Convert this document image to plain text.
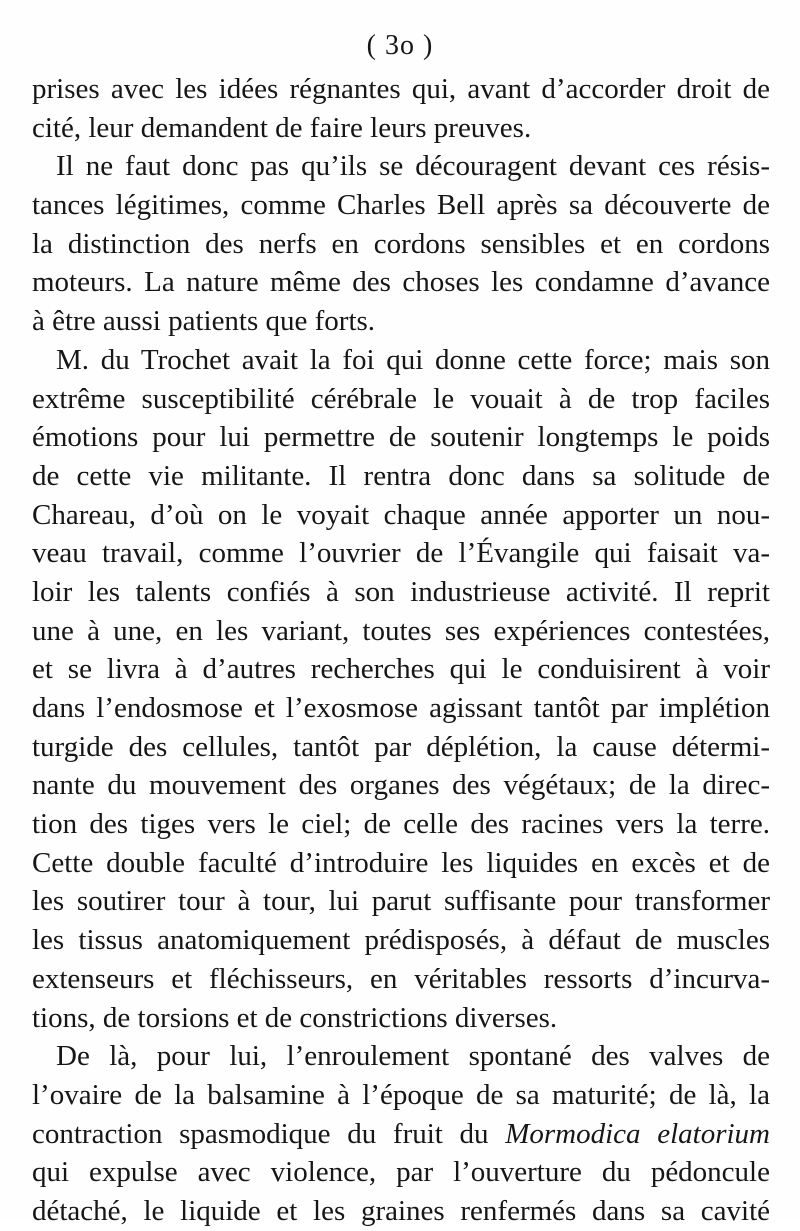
( 3o )
prises avec les idées régnantes qui, avant d’accorder droit de
cité, leur demandent de faire leurs preuves.
Il ne faut donc pas qu’ils se découragent devant ces résis-
tances légitimes, comme Charles Bell après sa découverte de
la distinction des nerfs en cordons sensibles et en cordons
moteurs. La nature même des choses les condamne d’avance
à être aussi patients que forts.
M. du Trochet avait la foi qui donne cette force; mais son
extrême susceptibilité cérébrale le vouait à de trop faciles
émotions pour lui permettre de soutenir longtemps le poids
de cette vie militante. Il rentra donc dans sa solitude de
Chareau, d’où on le voyait chaque année apporter un nou-
veau travail, comme l’ouvrier de l’Évangile qui faisait va-
loir les talents confiés à son industrieuse activité. Il reprit
une à une, en les variant, toutes ses expériences contestées,
et se livra à d’autres recherches qui le conduisirent à voir
dans l’endosmose et l’exosmose agissant tantôt par implétion
turgide des cellules, tantôt par déplétion, la cause détermi-
nante du mouvement des organes des végétaux; de la direc-
tion des tiges vers le ciel; de celle des racines vers la terre.
Cette double faculté d’introduire les liquides en excès et de
les soutirer tour à tour, lui parut suffisante pour transformer
les tissus anatomiquement prédisposés, à défaut de muscles
extenseurs et fléchisseurs, en véritables ressorts d’incurva-
tions, de torsions et de constrictions diverses.
De là, pour lui, l’enroulement spontané des valves de
l’ovaire de la balsamine à l’époque de sa maturité; de là, la
contraction spasmodique du fruit du Mormodica elatorium
qui expulse avec violence, par l’ouverture du pédoncule
détaché, le liquide et les graines renfermés dans sa cavité
